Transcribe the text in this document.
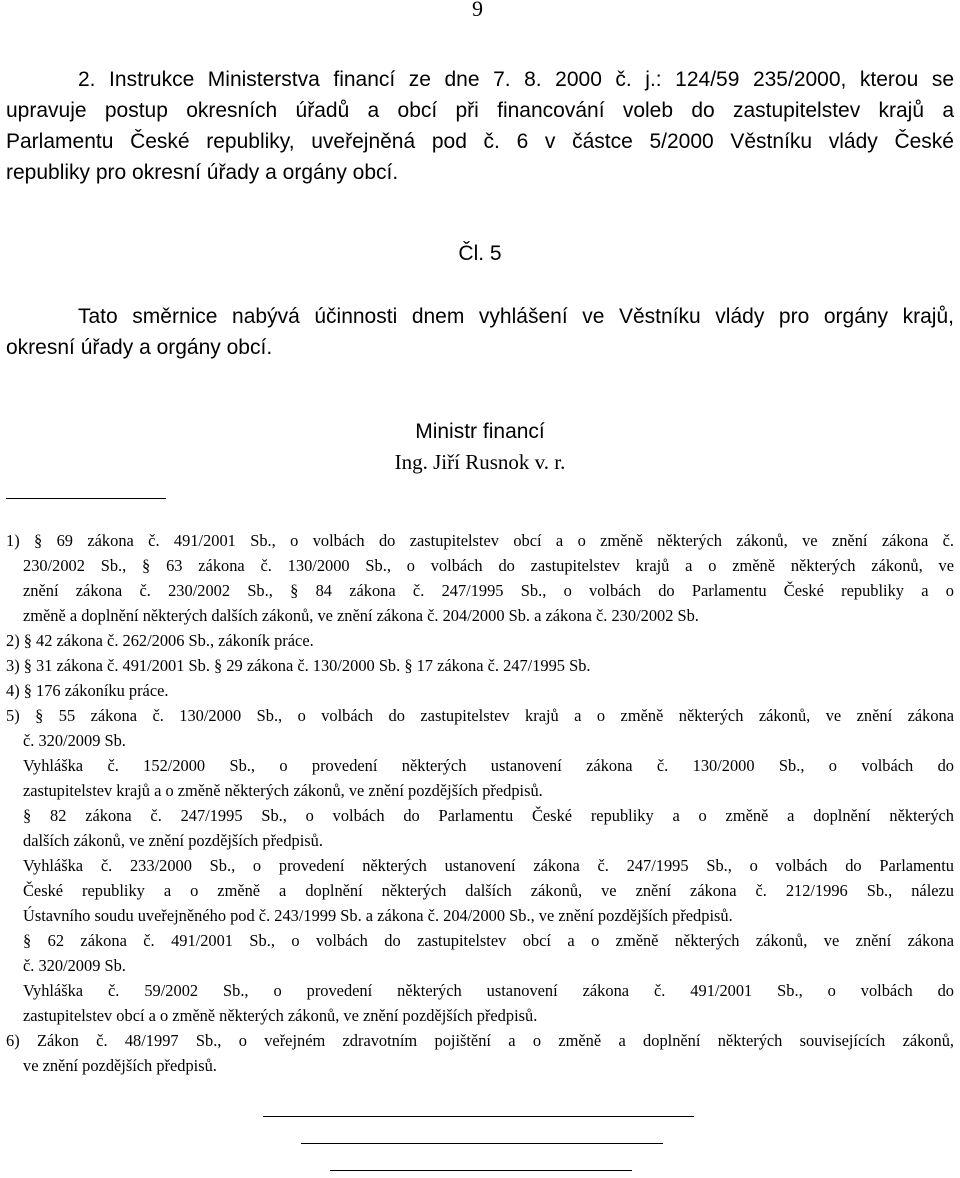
9
2. Instrukce Ministerstva financí ze dne 7. 8. 2000 č. j.: 124/59 235/2000, kterou se
upravuje postup okresních úřadů a obcí při financování voleb do zastupitelstev krajů a
Parlamentu České republiky, uveřejněná pod č. 6 v částce 5/2000 Věstníku vlády České
republiky pro okresní úřady a orgány obcí.
Čl. 5
Tato směrnice nabývá účinnosti dnem vyhlášení ve Věstníku vlády pro orgány krajů,
okresní úřady a orgány obcí.
Ministr financí
Ing. Jiří Rusnok v. r.
1) § 69 zákona č. 491/2001 Sb., o volbách do zastupitelstev obcí a o změně některých zákonů, ve znění zákona č.
230/2002 Sb., § 63 zákona č. 130/2000 Sb., o volbách do zastupitelstev krajů a o změně některých zákonů, ve
znění zákona č. 230/2002 Sb., § 84 zákona č. 247/1995 Sb., o volbách do Parlamentu České republiky a o
změně a doplnění některých dalších zákonů, ve znění zákona č. 204/2000 Sb. a zákona č. 230/2002 Sb.
2) § 42 zákona č. 262/2006 Sb., zákoník práce.
3) § 31 zákona č. 491/2001 Sb. § 29 zákona č. 130/2000 Sb. § 17 zákona č. 247/1995 Sb.
4) § 176 zákoníku práce.
5) § 55 zákona č. 130/2000 Sb., o volbách do zastupitelstev krajů a o změně některých zákonů, ve znění zákona
č. 320/2009 Sb.
Vyhláška č. 152/2000 Sb., o provedení některých ustanovení zákona č. 130/2000 Sb., o volbách do
zastupitelstev krajů a o změně některých zákonů, ve znění pozdějších předpisů.
§ 82 zákona č. 247/1995 Sb., o volbách do Parlamentu České republiky a o změně a doplnění některých
dalších zákonů, ve znění pozdějších předpisů.
Vyhláška č. 233/2000 Sb., o provedení některých ustanovení zákona č. 247/1995 Sb., o volbách do Parlamentu
České republiky a o změně a doplnění některých dalších zákonů, ve znění zákona č. 212/1996 Sb., nálezu
Ústavního soudu uveřejněného pod č. 243/1999 Sb. a zákona č. 204/2000 Sb., ve znění pozdějších předpisů.
§ 62 zákona č. 491/2001 Sb., o volbách do zastupitelstev obcí a o změně některých zákonů, ve znění zákona
č. 320/2009 Sb.
Vyhláška č. 59/2002 Sb., o provedení některých ustanovení zákona č. 491/2001 Sb., o volbách do
zastupitelstev obcí a o změně některých zákonů, ve znění pozdějších předpisů.
6) Zákon č. 48/1997 Sb., o veřejném zdravotním pojištění a o změně a doplnění některých souvisejících zákonů,
ve znění pozdějších předpisů.
